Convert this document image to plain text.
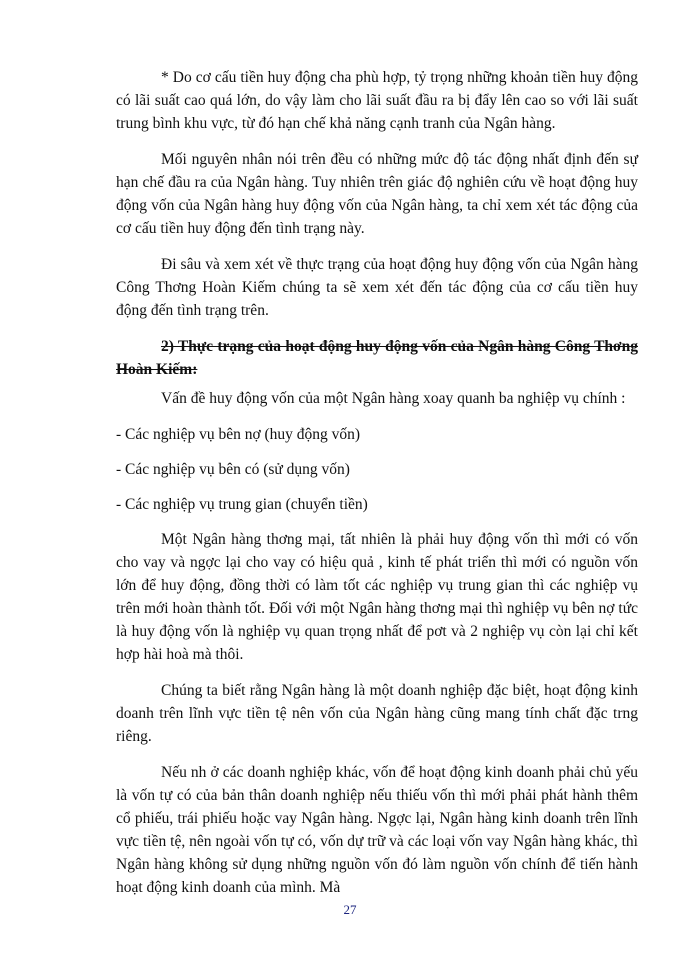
* Do cơ cấu tiền huy động cha phù hợp, tỷ trọng những khoản tiền huy động có lãi suất cao quá lớn, do vậy làm cho lãi suất đầu ra bị đẩy lên cao so với lãi suất trung bình khu vực, từ đó hạn chế khả năng cạnh tranh của Ngân hàng.

Mối nguyên nhân nói trên đều có những mức độ tác động nhất định đến sự hạn chế đầu ra của Ngân hàng. Tuy nhiên trên giác độ nghiên cứu về hoạt động huy động vốn của Ngân hàng huy động vốn của Ngân hàng, ta chỉ xem xét tác động của cơ cấu tiền huy động đến tình trạng này.

Đi sâu và xem xét về thực trạng của hoạt động huy động vốn của Ngân hàng Công Thơng Hoàn Kiếm chúng ta sẽ xem xét đến tác động của cơ cấu tiền huy động đến tình trạng trên.

2) Thực trạng của hoạt động huy động vốn của Ngân hàng Công Thơng Hoàn Kiếm:

Vấn đề huy động vốn của một Ngân hàng xoay quanh ba nghiệp vụ chính :

- Các nghiệp vụ bên nợ (huy động vốn)

- Các nghiệp vụ bên có (sử dụng vốn)

- Các nghiệp vụ trung gian (chuyển tiền)

Một Ngân hàng thơng mại, tất nhiên là phải huy động vốn thì mới có vốn cho vay và ngợc lại cho vay có hiệu quả , kinh tế phát triển thì mới có nguồn vốn lớn để huy động, đồng thời có làm tốt các nghiệp vụ trung gian thì các nghiệp vụ trên mới hoàn thành tốt. Đối với một Ngân hàng thơng mại thì nghiệp vụ bên nợ tức là huy động vốn là nghiệp vụ quan trọng nhất để pơt và 2 nghiệp vụ còn lại chỉ kết hợp hài hoà mà thôi.

Chúng ta biết rằng Ngân hàng là một doanh nghiệp đặc biệt, hoạt động kinh doanh trên lĩnh vực tiền tệ nên vốn của Ngân hàng cũng mang tính chất đặc trng riêng.

Nếu nh ở các doanh nghiệp khác, vốn để hoạt động kinh doanh phải chủ yếu là vốn tự có của bản thân doanh nghiệp nếu thiếu vốn thì mới phải phát hành thêm cổ phiếu, trái phiếu hoặc vay Ngân hàng. Ngợc lại, Ngân hàng kinh doanh trên lĩnh vực tiền tệ, nên ngoài vốn tự có, vốn dự trữ và các loại vốn vay Ngân hàng khác, thì Ngân hàng không sử dụng những nguồn vốn đó làm nguồn vốn chính để tiến hành hoạt động kinh doanh của mình. Mà

27
